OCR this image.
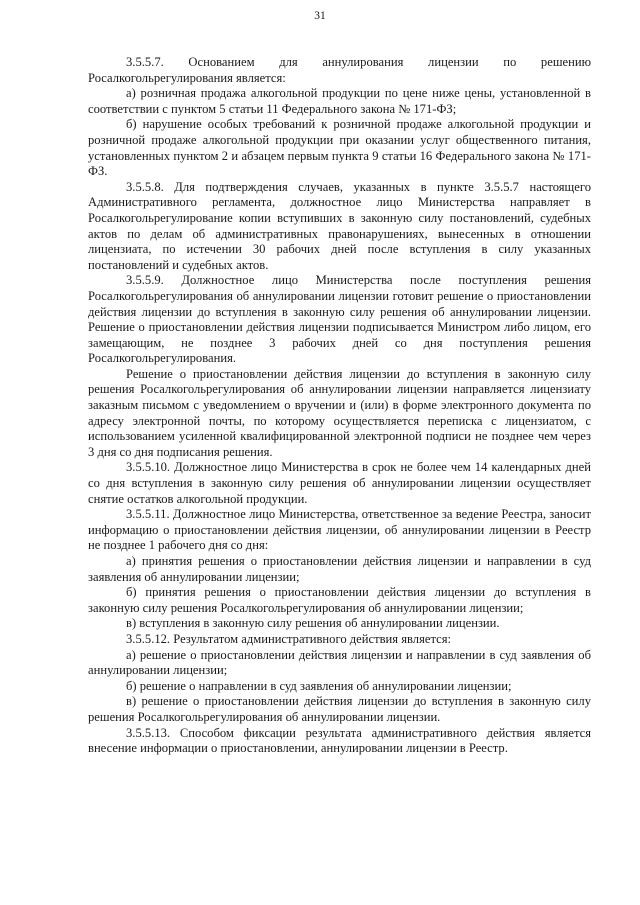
31

3.5.5.7. Основанием для аннулирования лицензии по решению Росалкогольрегулирования является:

а) розничная продажа алкогольной продукции по цене ниже цены, установленной в соответствии с пунктом 5 статьи 11 Федерального закона № 171-ФЗ;

б) нарушение особых требований к розничной продаже алкогольной продукции и розничной продаже алкогольной продукции при оказании услуг общественного питания, установленных пунктом 2 и абзацем первым пункта 9 статьи 16 Федерального закона № 171-ФЗ.

3.5.5.8. Для подтверждения случаев, указанных в пункте 3.5.5.7 настоящего Административного регламента, должностное лицо Министерства направляет в Росалкогольрегулирование копии вступивших в законную силу постановлений, судебных актов по делам об административных правонарушениях, вынесенных в отношении лицензиата, по истечении 30 рабочих дней после вступления в силу указанных постановлений и судебных актов.

3.5.5.9. Должностное лицо Министерства после поступления решения Росалкогольрегулирования об аннулировании лицензии готовит решение о приостановлении действия лицензии до вступления в законную силу решения об аннулировании лицензии. Решение о приостановлении действия лицензии подписывается Министром либо лицом, его замещающим, не позднее 3 рабочих дней со дня поступления решения Росалкогольрегулирования.

Решение о приостановлении действия лицензии до вступления в законную силу решения Росалкогольрегулирования об аннулировании лицензии направляется лицензиату заказным письмом с уведомлением о вручении и (или) в форме электронного документа по адресу электронной почты, по которому осуществляется переписка с лицензиатом, с использованием усиленной квалифицированной электронной подписи не позднее чем через 3 дня со дня подписания решения.

3.5.5.10. Должностное лицо Министерства в срок не более чем 14 календарных дней со дня вступления в законную силу решения об аннулировании лицензии осуществляет снятие остатков алкогольной продукции.

3.5.5.11. Должностное лицо Министерства, ответственное за ведение Реестра, заносит информацию о приостановлении действия лицензии, об аннулировании лицензии в Реестр не позднее 1 рабочего дня со дня:

а) принятия решения о приостановлении действия лицензии и направлении в суд заявления об аннулировании лицензии;

б) принятия решения о приостановлении действия лицензии до вступления в законную силу решения Росалкогольрегулирования об аннулировании лицензии;

в) вступления в законную силу решения об аннулировании лицензии.

3.5.5.12. Результатом административного действия является:

а) решение о приостановлении действия лицензии и направлении в суд заявления об аннулировании лицензии;

б) решение о направлении в суд заявления об аннулировании лицензии;

в) решение о приостановлении действия лицензии до вступления в законную силу решения Росалкогольрегулирования об аннулировании лицензии.

3.5.5.13. Способом фиксации результата административного действия является внесение информации о приостановлении, аннулировании лицензии в Реестр.
